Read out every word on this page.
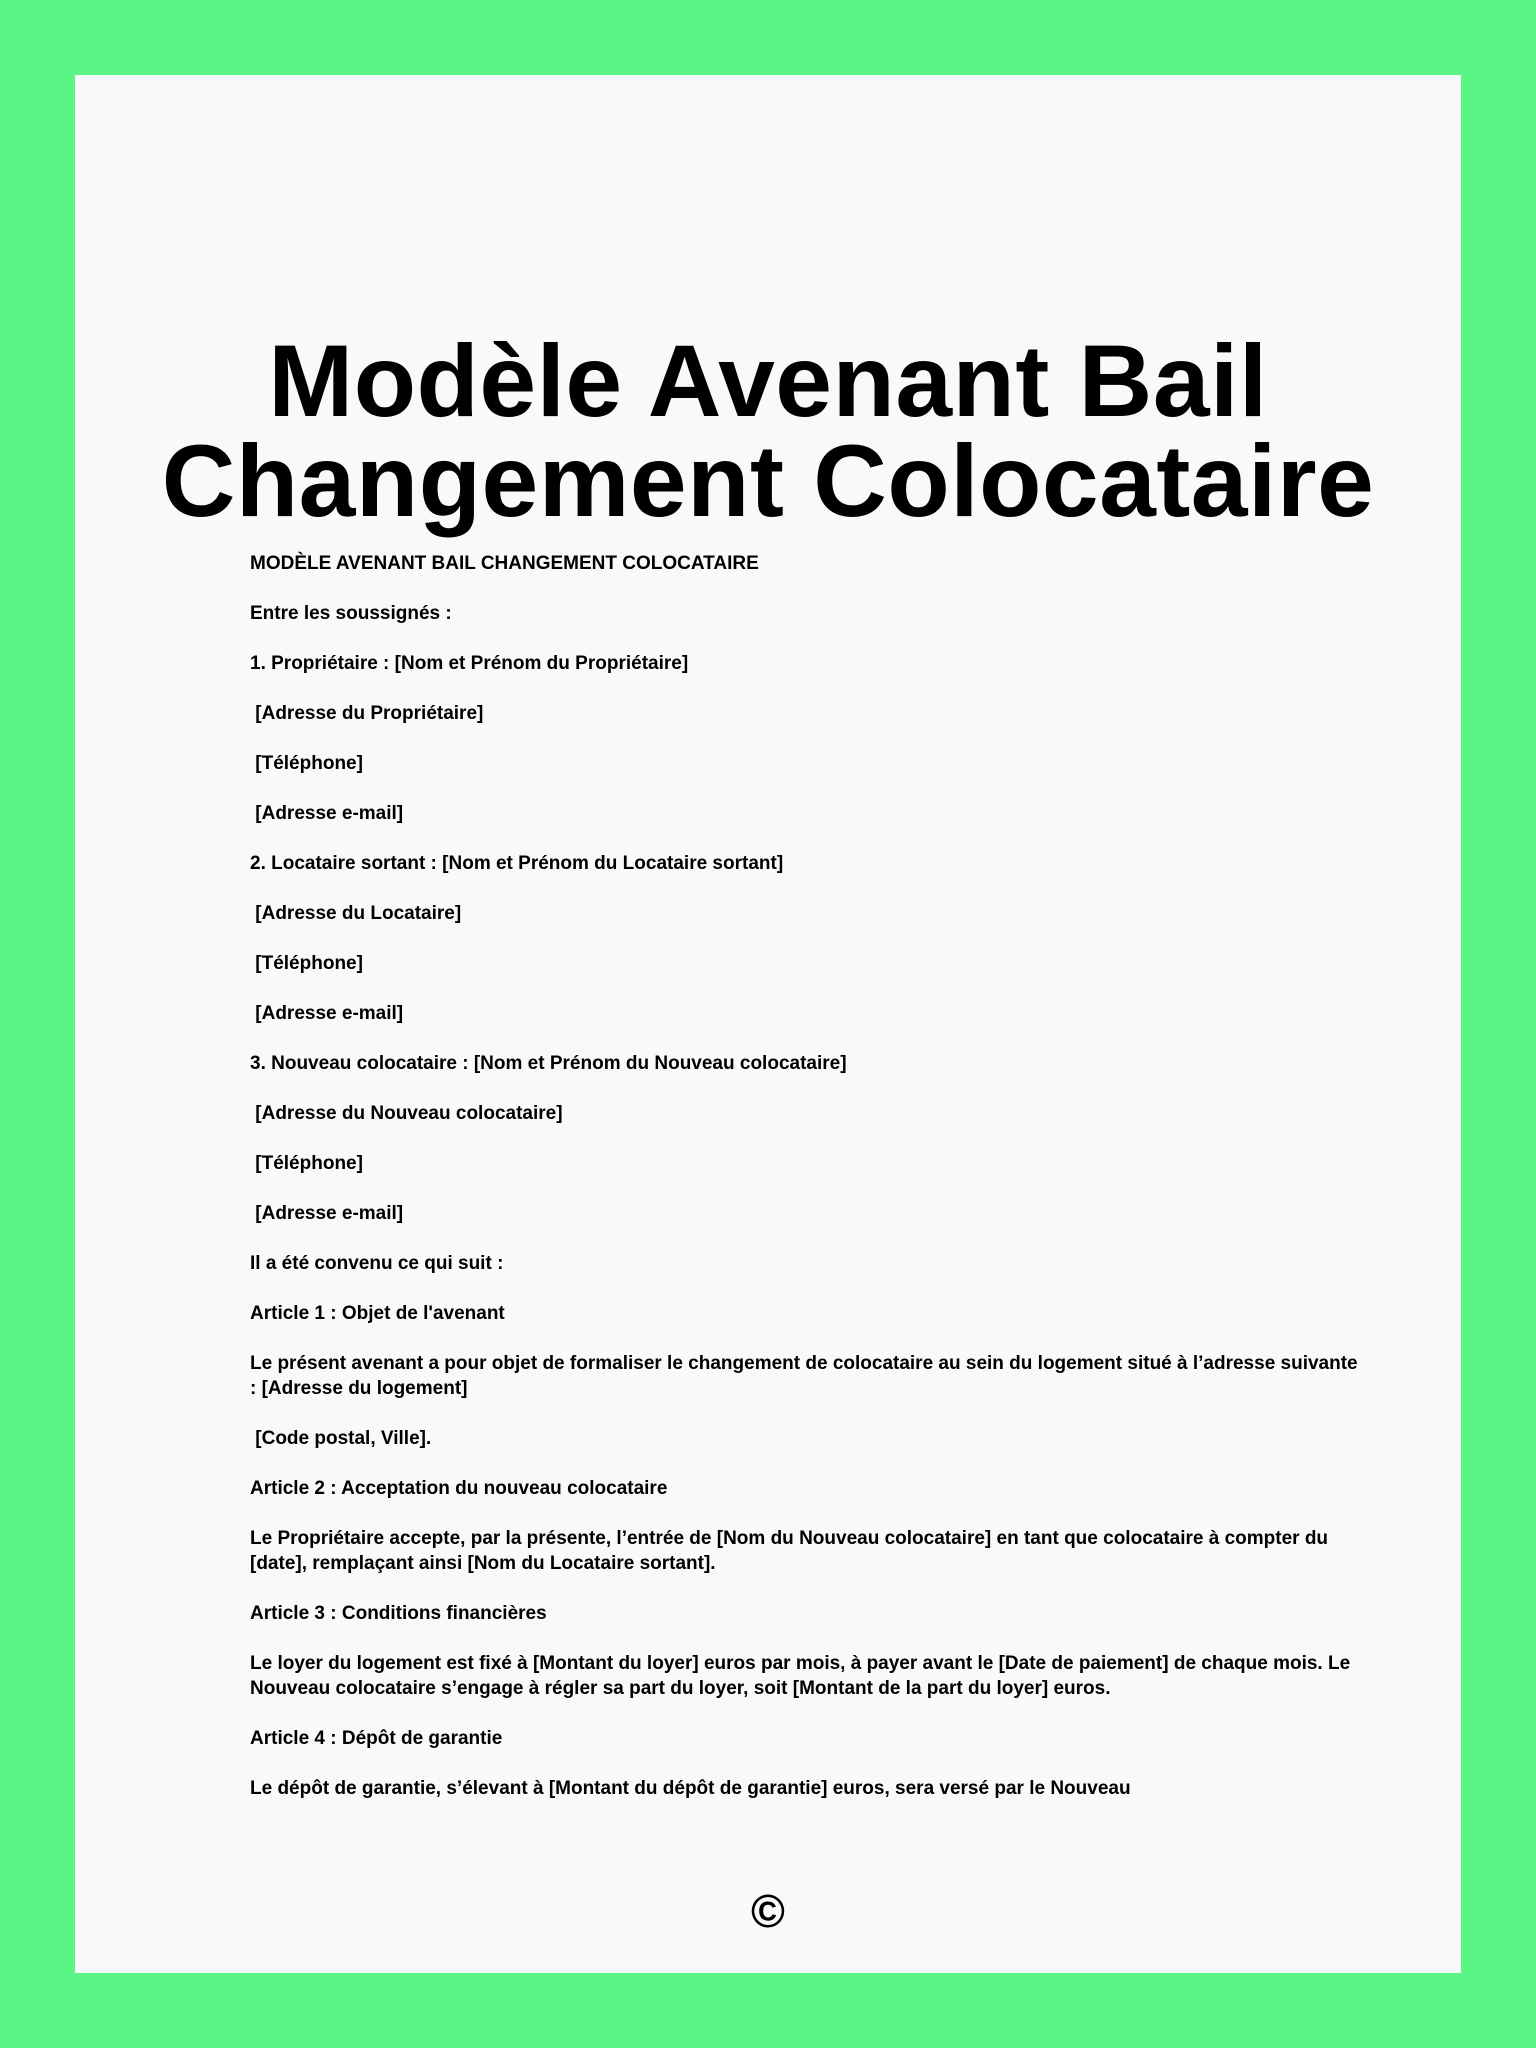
Modèle Avenant Bail
Changement Colocataire

MODÈLE AVENANT BAIL CHANGEMENT COLOCATAIRE

Entre les soussignés :

1. Propriétaire : [Nom et Prénom du Propriétaire]

[Adresse du Propriétaire]

[Téléphone]

[Adresse e-mail]

2. Locataire sortant : [Nom et Prénom du Locataire sortant]

[Adresse du Locataire]

[Téléphone]

[Adresse e-mail]

3. Nouveau colocataire : [Nom et Prénom du Nouveau colocataire]

[Adresse du Nouveau colocataire]

[Téléphone]

[Adresse e-mail]

Il a été convenu ce qui suit :

Article 1 : Objet de l'avenant

Le présent avenant a pour objet de formaliser le changement de colocataire au sein du logement situé à l’adresse suivante : [Adresse du logement]

[Code postal, Ville].

Article 2 : Acceptation du nouveau colocataire

Le Propriétaire accepte, par la présente, l’entrée de [Nom du Nouveau colocataire] en tant que colocataire à compter du [date], remplaçant ainsi [Nom du Locataire sortant].

Article 3 : Conditions financières

Le loyer du logement est fixé à [Montant du loyer] euros par mois, à payer avant le [Date de paiement] de chaque mois. Le Nouveau colocataire s’engage à régler sa part du loyer, soit [Montant de la part du loyer] euros.

Article 4 : Dépôt de garantie

Le dépôt de garantie, s’élevant à [Montant du dépôt de garantie] euros, sera versé par le Nouveau

©
